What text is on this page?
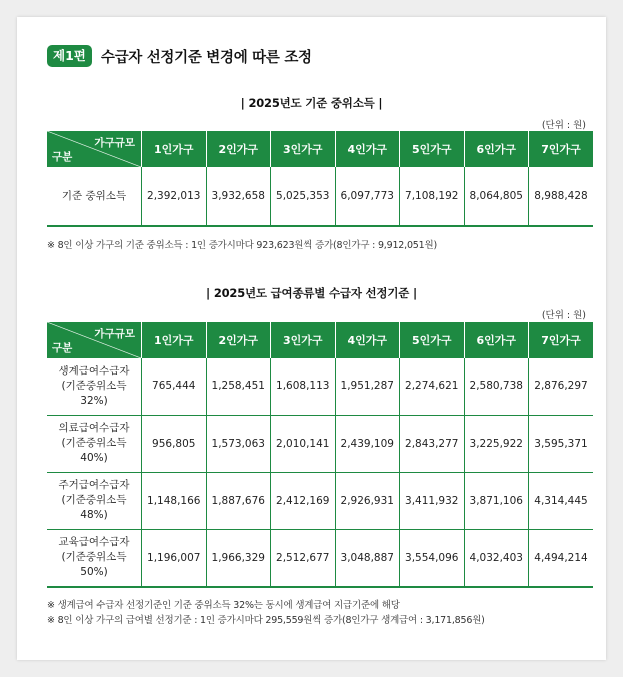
제1편	수급자 선정기준 변경에 따른 조정
| 2025년도 기준 중위소득 |
(단위 : 원)
가구규모
구분	1인가구	2인가구	3인가구	4인가구	5인가구	6인가구	7인가구
기준 중위소득	2,392,013	3,932,658	5,025,353	6,097,773	7,108,192	8,064,805	8,988,428
※ 8인 이상 가구의 기준 중위소득 : 1인 증가시마다 923,623원씩 증가(8인가구 : 9,912,051원)
| 2025년도 급여종류별 수급자 선정기준 |
(단위 : 원)
가구규모
구분	1인가구	2인가구	3인가구	4인가구	5인가구	6인가구	7인가구

생계급여수급자
(기준중위소득 32%)	765,444	1,258,451	1,608,113	1,951,287	2,274,621	2,580,738	2,876,297

의료급여수급자
(기준중위소득 40%)	956,805	1,573,063	2,010,141	2,439,109	2,843,277	3,225,922	3,595,371

주거급여수급자
(기준중위소득 48%)	1,148,166	1,887,676	2,412,169	2,926,931	3,411,932	3,871,106	4,314,445

교육급여수급자
(기준중위소득 50%)	1,196,007	1,966,329	2,512,677	3,048,887	3,554,096	4,032,403	4,494,214
※ 생계급여 수급자 선정기준인 기준 중위소득 32%는 동시에 생계급여 지급기준에 해당
※ 8인 이상 가구의 급여별 선정기준 : 1인 증가시마다 295,559원씩 증가(8인가구 생계급여 : 3,171,856원)
